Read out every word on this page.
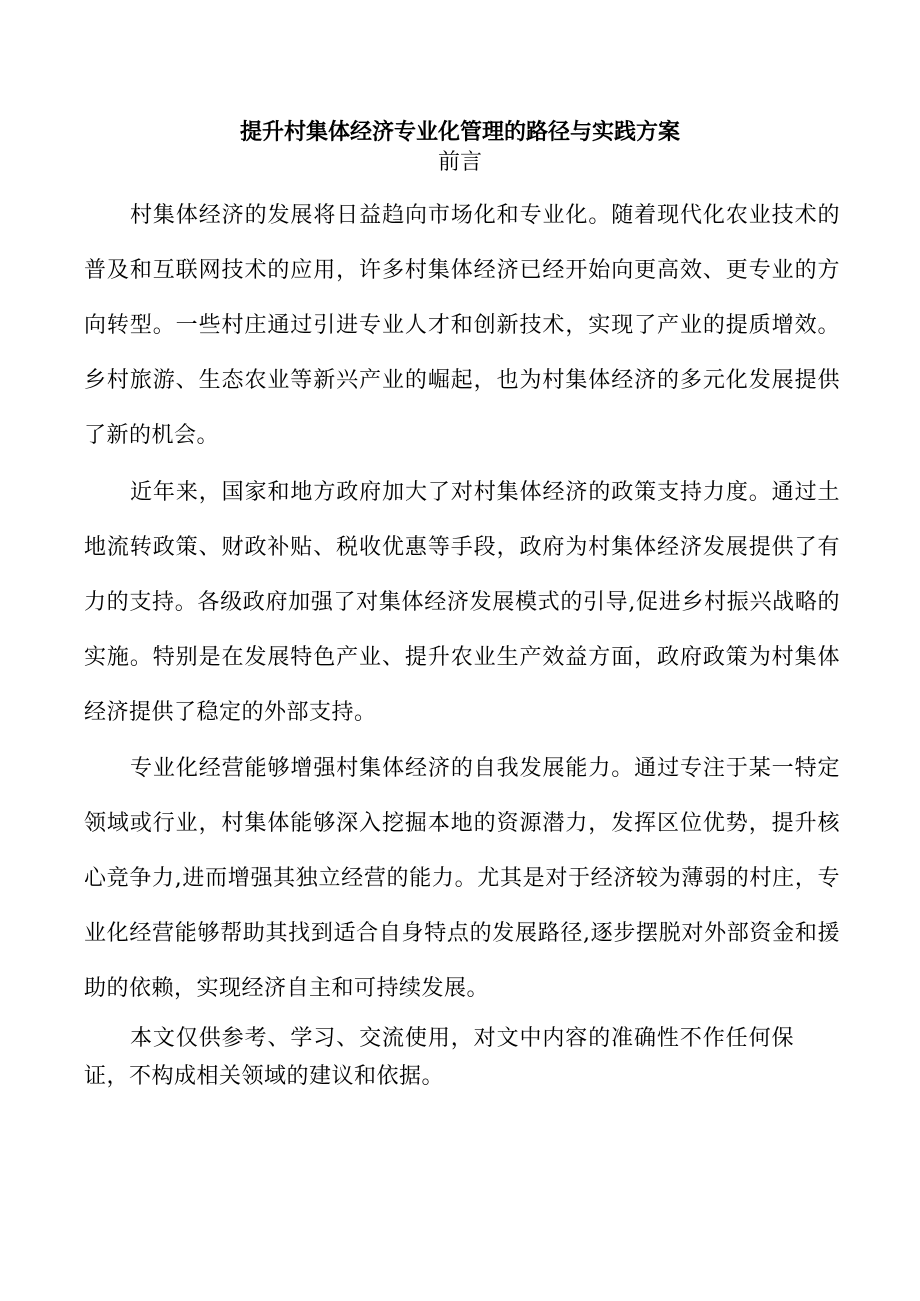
提升村集体经济专业化管理的路径与实践方案
前言

村集体经济的发展将日益趋向市场化和专业化。随着现代化农业技术的普及和互联网技术的应用，许多村集体经济已经开始向更高效、更专业的方向转型。一些村庄通过引进专业人才和创新技术，实现了产业的提质增效。乡村旅游、生态农业等新兴产业的崛起，也为村集体经济的多元化发展提供了新的机会。

近年来，国家和地方政府加大了对村集体经济的政策支持力度。通过土地流转政策、财政补贴、税收优惠等手段，政府为村集体经济发展提供了有力的支持。各级政府加强了对集体经济发展模式的引导,促进乡村振兴战略的实施。特别是在发展特色产业、提升农业生产效益方面，政府政策为村集体经济提供了稳定的外部支持。

专业化经营能够增强村集体经济的自我发展能力。通过专注于某一特定领域或行业，村集体能够深入挖掘本地的资源潜力，发挥区位优势，提升核心竞争力,进而增强其独立经营的能力。尤其是对于经济较为薄弱的村庄，专业化经营能够帮助其找到适合自身特点的发展路径,逐步摆脱对外部资金和援助的依赖，实现经济自主和可持续发展。

本文仅供参考、学习、交流使用，对文中内容的准确性不作任何保证，不构成相关领域的建议和依据。
